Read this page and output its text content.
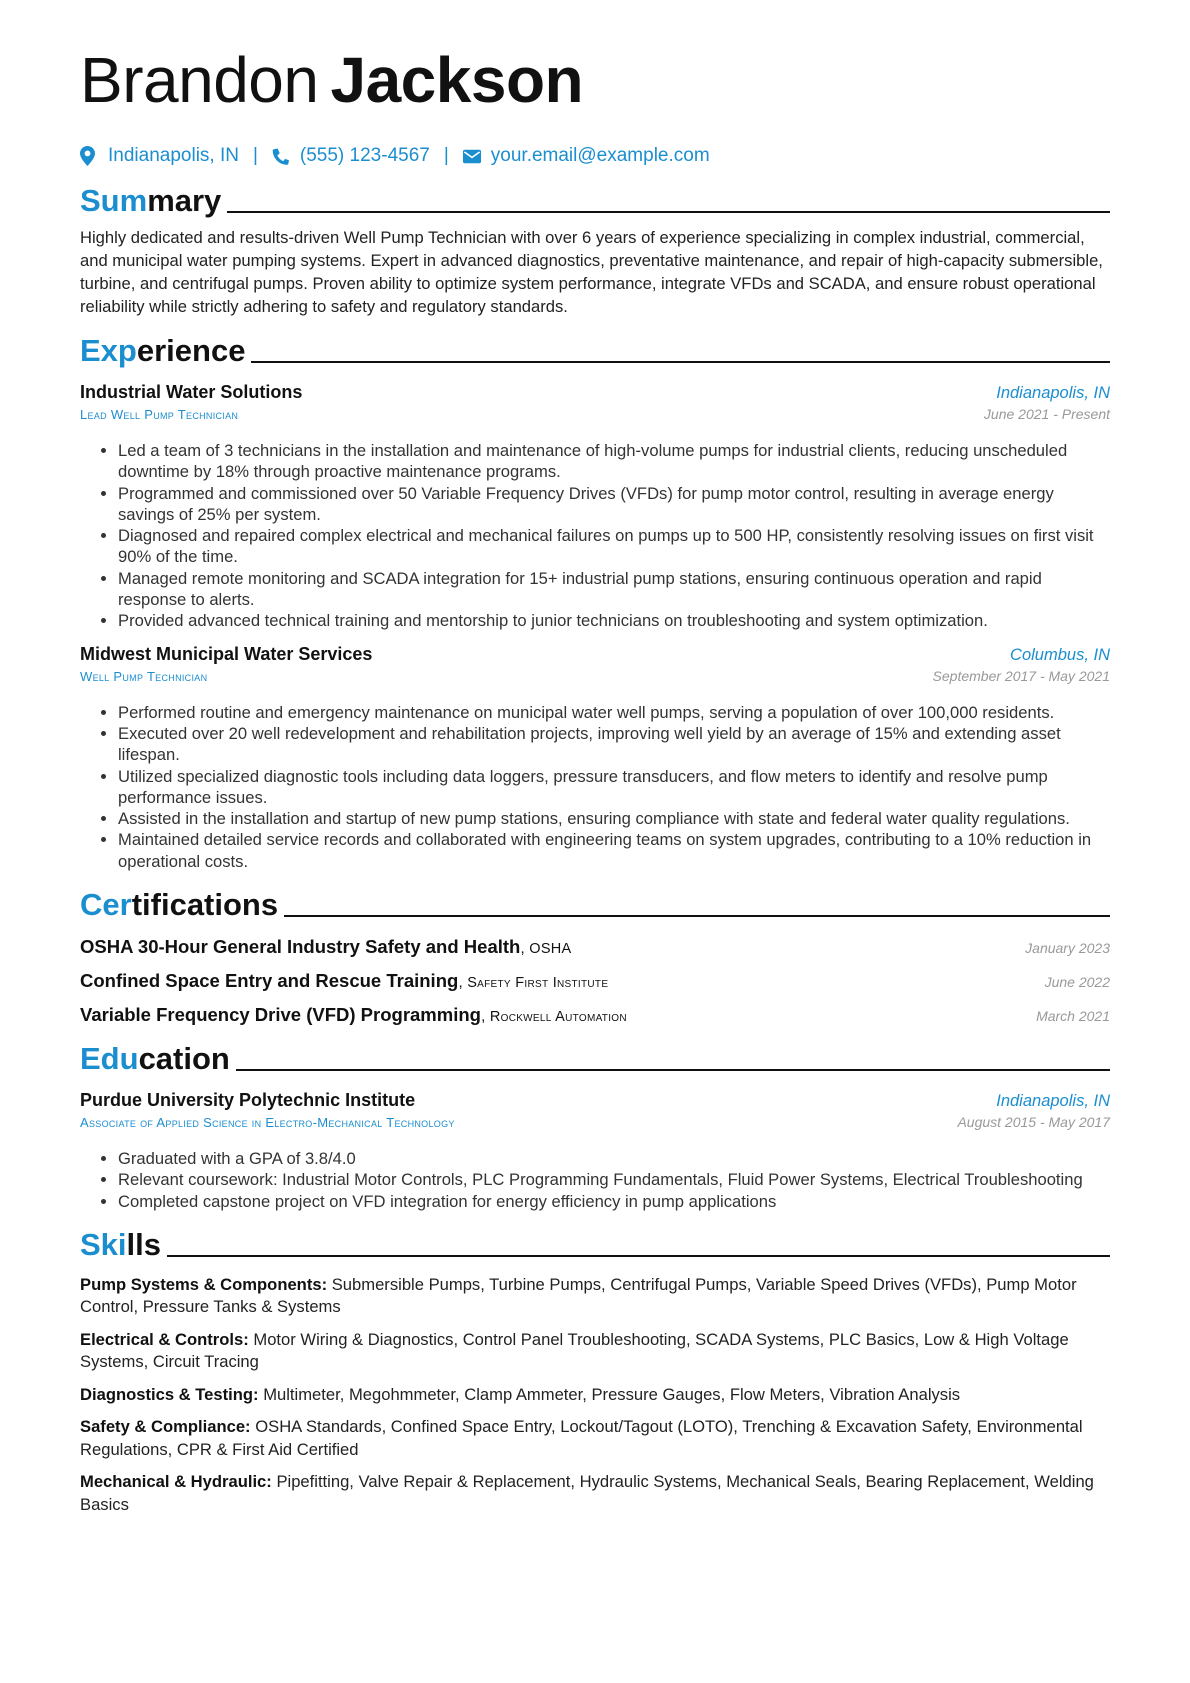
Brandon Jackson
Indianapolis, IN | (555) 123-4567 | your.email@example.com
Summary

Highly dedicated and results-driven Well Pump Technician with over 6 years of experience specializing in complex industrial, commercial, and municipal water pumping systems. Expert in advanced diagnostics, preventative maintenance, and repair of high-capacity submersible, turbine, and centrifugal pumps. Proven ability to optimize system performance, integrate VFDs and SCADA, and ensure robust operational reliability while strictly adhering to safety and regulatory standards.

Experience
Industrial Water Solutions	Indianapolis, IN
Lead Well Pump Technician	June 2021 - Present
• Led a team of 3 technicians in the installation and maintenance of high-volume pumps for industrial clients, reducing unscheduled downtime by 18% through proactive maintenance programs.
• Programmed and commissioned over 50 Variable Frequency Drives (VFDs) for pump motor control, resulting in average energy savings of 25% per system.
• Diagnosed and repaired complex electrical and mechanical failures on pumps up to 500 HP, consistently resolving issues on first visit 90% of the time.
• Managed remote monitoring and SCADA integration for 15+ industrial pump stations, ensuring continuous operation and rapid response to alerts.
• Provided advanced technical training and mentorship to junior technicians on troubleshooting and system optimization.
Midwest Municipal Water Services	Columbus, IN
Well Pump Technician	September 2017 - May 2021
• Performed routine and emergency maintenance on municipal water well pumps, serving a population of over 100,000 residents.
• Executed over 20 well redevelopment and rehabilitation projects, improving well yield by an average of 15% and extending asset lifespan.
• Utilized specialized diagnostic tools including data loggers, pressure transducers, and flow meters to identify and resolve pump performance issues.
• Assisted in the installation and startup of new pump stations, ensuring compliance with state and federal water quality regulations.
• Maintained detailed service records and collaborated with engineering teams on system upgrades, contributing to a 10% reduction in operational costs.
Certifications
OSHA 30-Hour General Industry Safety and Health, OSHA	January 2023
Confined Space Entry and Rescue Training, Safety First Institute	June 2022
Variable Frequency Drive (VFD) Programming, Rockwell Automation	March 2021
Education
Purdue University Polytechnic Institute	Indianapolis, IN
Associate of Applied Science in Electro-Mechanical Technology	August 2015 - May 2017
• Graduated with a GPA of 3.8/4.0
• Relevant coursework: Industrial Motor Controls, PLC Programming Fundamentals, Fluid Power Systems, Electrical Troubleshooting
• Completed capstone project on VFD integration for energy efficiency in pump applications
Skills
Pump Systems & Components: Submersible Pumps, Turbine Pumps, Centrifugal Pumps, Variable Speed Drives (VFDs), Pump Motor Control, Pressure Tanks & Systems
Electrical & Controls: Motor Wiring & Diagnostics, Control Panel Troubleshooting, SCADA Systems, PLC Basics, Low & High Voltage Systems, Circuit Tracing
Diagnostics & Testing: Multimeter, Megohmmeter, Clamp Ammeter, Pressure Gauges, Flow Meters, Vibration Analysis
Safety & Compliance: OSHA Standards, Confined Space Entry, Lockout/Tagout (LOTO), Trenching & Excavation Safety, Environmental Regulations, CPR & First Aid Certified
Mechanical & Hydraulic: Pipefitting, Valve Repair & Replacement, Hydraulic Systems, Mechanical Seals, Bearing Replacement, Welding Basics
